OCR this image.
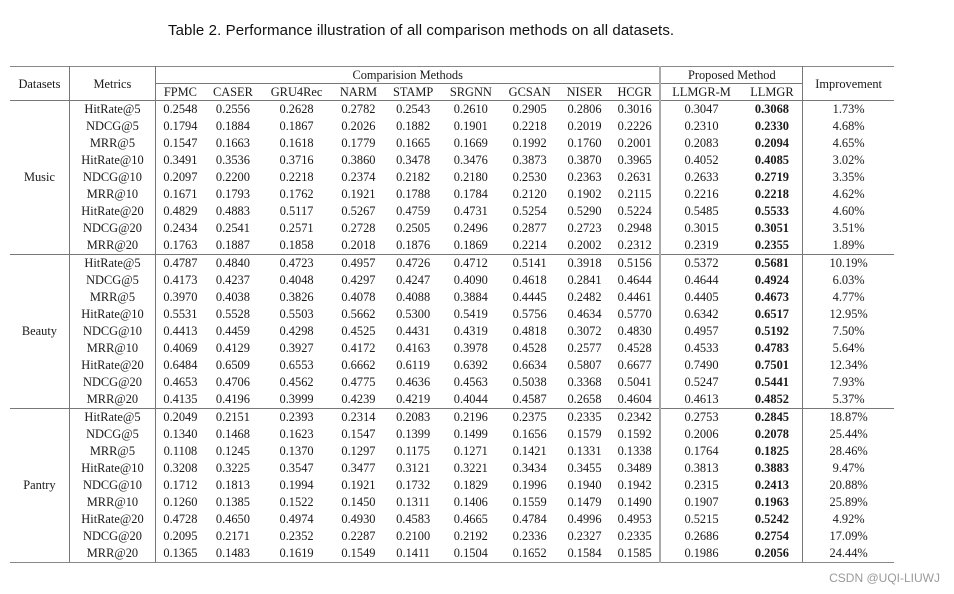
Table 2. Performance illustration of all comparison methods on all datasets.
Datasets	Metrics	Comparision Methods									Proposed Method		Improvement
		FPMC	CASER	GRU4Rec	NARM	STAMP	SRGNN	GCSAN	NISER	HCGR	LLMGR-M	LLMGR	
Music	HitRate@5	0.2548	0.2556	0.2628	0.2782	0.2543	0.2610	0.2905	0.2806	0.3016	0.3047	0.3068	1.73%
	NDCG@5	0.1794	0.1884	0.1867	0.2026	0.1882	0.1901	0.2218	0.2019	0.2226	0.2310	0.2330	4.68%
	MRR@5	0.1547	0.1663	0.1618	0.1779	0.1665	0.1669	0.1992	0.1760	0.2001	0.2083	0.2094	4.65%
	HitRate@10	0.3491	0.3536	0.3716	0.3860	0.3478	0.3476	0.3873	0.3870	0.3965	0.4052	0.4085	3.02%
	NDCG@10	0.2097	0.2200	0.2218	0.2374	0.2182	0.2180	0.2530	0.2363	0.2631	0.2633	0.2719	3.35%
	MRR@10	0.1671	0.1793	0.1762	0.1921	0.1788	0.1784	0.2120	0.1902	0.2115	0.2216	0.2218	4.62%
	HitRate@20	0.4829	0.4883	0.5117	0.5267	0.4759	0.4731	0.5254	0.5290	0.5224	0.5485	0.5533	4.60%
	NDCG@20	0.2434	0.2541	0.2571	0.2728	0.2505	0.2496	0.2877	0.2723	0.2948	0.3015	0.3051	3.51%
	MRR@20	0.1763	0.1887	0.1858	0.2018	0.1876	0.1869	0.2214	0.2002	0.2312	0.2319	0.2355	1.89%
Beauty	HitRate@5	0.4787	0.4840	0.4723	0.4957	0.4726	0.4712	0.5141	0.3918	0.5156	0.5372	0.5681	10.19%
	NDCG@5	0.4173	0.4237	0.4048	0.4297	0.4247	0.4090	0.4618	0.2841	0.4644	0.4644	0.4924	6.03%
	MRR@5	0.3970	0.4038	0.3826	0.4078	0.4088	0.3884	0.4445	0.2482	0.4461	0.4405	0.4673	4.77%
	HitRate@10	0.5531	0.5528	0.5503	0.5662	0.5300	0.5419	0.5756	0.4634	0.5770	0.6342	0.6517	12.95%
	NDCG@10	0.4413	0.4459	0.4298	0.4525	0.4431	0.4319	0.4818	0.3072	0.4830	0.4957	0.5192	7.50%
	MRR@10	0.4069	0.4129	0.3927	0.4172	0.4163	0.3978	0.4528	0.2577	0.4528	0.4533	0.4783	5.64%
	HitRate@20	0.6484	0.6509	0.6553	0.6662	0.6119	0.6392	0.6634	0.5807	0.6677	0.7490	0.7501	12.34%
	NDCG@20	0.4653	0.4706	0.4562	0.4775	0.4636	0.4563	0.5038	0.3368	0.5041	0.5247	0.5441	7.93%
	MRR@20	0.4135	0.4196	0.3999	0.4239	0.4219	0.4044	0.4587	0.2658	0.4604	0.4613	0.4852	5.37%
Pantry	HitRate@5	0.2049	0.2151	0.2393	0.2314	0.2083	0.2196	0.2375	0.2335	0.2342	0.2753	0.2845	18.87%
	NDCG@5	0.1340	0.1468	0.1623	0.1547	0.1399	0.1499	0.1656	0.1579	0.1592	0.2006	0.2078	25.44%
	MRR@5	0.1108	0.1245	0.1370	0.1297	0.1175	0.1271	0.1421	0.1331	0.1338	0.1764	0.1825	28.46%
	HitRate@10	0.3208	0.3225	0.3547	0.3477	0.3121	0.3221	0.3434	0.3455	0.3489	0.3813	0.3883	9.47%
	NDCG@10	0.1712	0.1813	0.1994	0.1921	0.1732	0.1829	0.1996	0.1940	0.1942	0.2315	0.2413	20.88%
	MRR@10	0.1260	0.1385	0.1522	0.1450	0.1311	0.1406	0.1559	0.1479	0.1490	0.1907	0.1963	25.89%
	HitRate@20	0.4728	0.4650	0.4974	0.4930	0.4583	0.4665	0.4784	0.4996	0.4953	0.5215	0.5242	4.92%
	NDCG@20	0.2095	0.2171	0.2352	0.2287	0.2100	0.2192	0.2336	0.2327	0.2335	0.2686	0.2754	17.09%
	MRR@20	0.1365	0.1483	0.1619	0.1549	0.1411	0.1504	0.1652	0.1584	0.1585	0.1986	0.2056	24.44%
CSDN @UQI-LIUWJ
